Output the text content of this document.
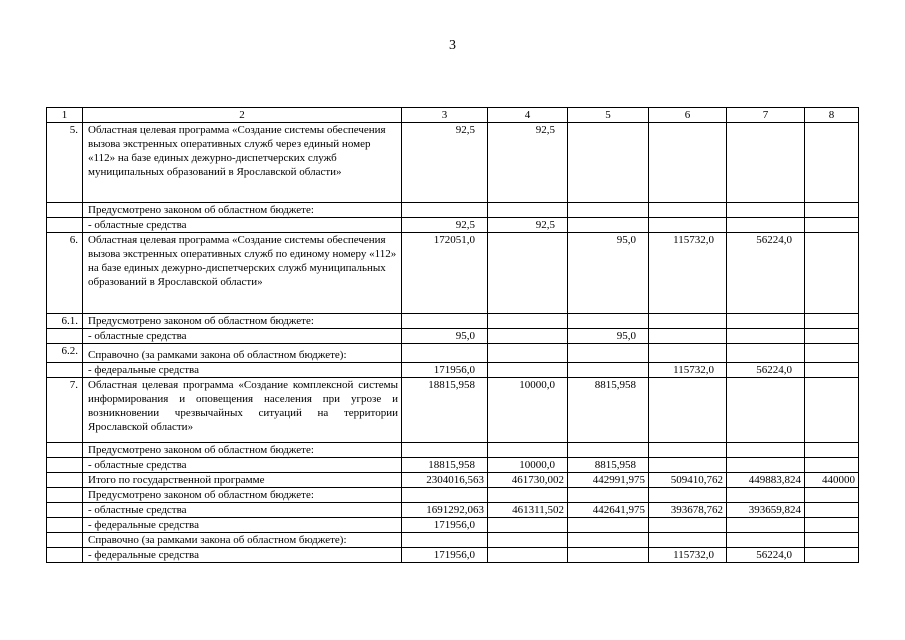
3
1	2	3	4	5	6	7	8
5.	Областная целевая программа «Создание системы обеспечения вызова экстренных оперативных служб через единый номер «112» на базе единых дежурно-диспетчерских служб муниципальных образований в Ярославской области»	92,5	92,5				
	Предусмотрено законом об областном бюджете:						
	- областные средства	92,5	92,5				
6.	Областная целевая программа «Создание системы обеспечения вызова экстренных оперативных служб по единому номеру «112» на базе единых дежурно-диспетчерских служб муниципальных образований в Ярославской области»	172051,0		95,0	115732,0	56224,0	
6.1.	Предусмотрено законом об областном бюджете:						
	- областные средства	95,0		95,0			
6.2.	Справочно (за рамками закона об областном бюджете):						
	- федеральные средства	171956,0			115732,0	56224,0	
7.	Областная целевая программа «Создание комплексной системы информирования и оповещения населения при угрозе и возникновении чрезвычайных ситуаций на территории Ярославской области»	18815,958	10000,0	8815,958			
	Предусмотрено законом об областном бюджете:						
	- областные средства	18815,958	10000,0	8815,958			
	Итого по государственной программе	2304016,563	461730,002	442991,975	509410,762	449883,824	440000
	Предусмотрено законом об областном бюджете:						
	- областные средства	1691292,063	461311,502	442641,975	393678,762	393659,824	
	- федеральные средства	171956,0					
	Справочно (за рамками закона об областном бюджете):						
	- федеральные средства	171956,0			115732,0	56224,0	
